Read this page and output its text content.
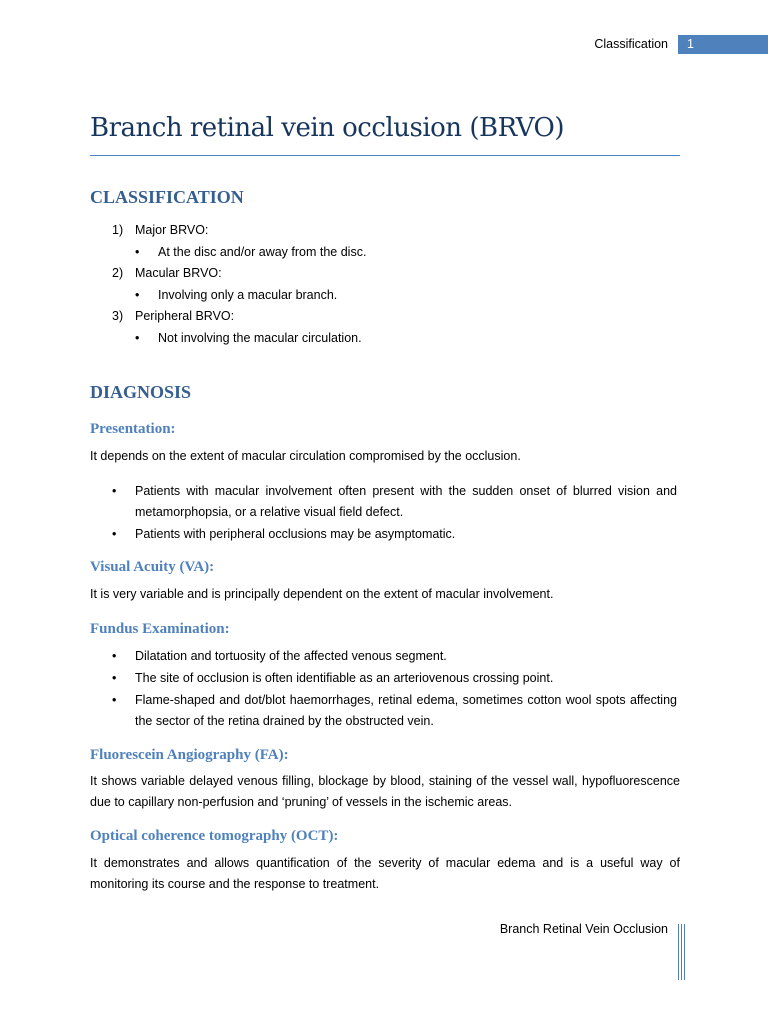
Classification	1
Branch retinal vein occlusion (BRVO)
CLASSIFICATION
1) Major BRVO:
• At the disc and/or away from the disc.
2) Macular BRVO:
• Involving only a macular branch.
3) Peripheral BRVO:
• Not involving the macular circulation.
DIAGNOSIS
Presentation:
It depends on the extent of macular circulation compromised by the occlusion.
• Patients with macular involvement often present with the sudden onset of blurred vision and metamorphopsia, or a relative visual field defect.
• Patients with peripheral occlusions may be asymptomatic.
Visual Acuity (VA):
It is very variable and is principally dependent on the extent of macular involvement.
Fundus Examination:
• Dilatation and tortuosity of the affected venous segment.
• The site of occlusion is often identifiable as an arteriovenous crossing point.
• Flame-shaped and dot/blot haemorrhages, retinal edema, sometimes cotton wool spots affecting the sector of the retina drained by the obstructed vein.
Fluorescein Angiography (FA):
It shows variable delayed venous filling, blockage by blood, staining of the vessel wall, hypofluorescence due to capillary non-perfusion and ‘pruning’ of vessels in the ischemic areas.
Optical coherence tomography (OCT):
It demonstrates and allows quantification of the severity of macular edema and is a useful way of monitoring its course and the response to treatment.
Branch Retinal Vein Occlusion
